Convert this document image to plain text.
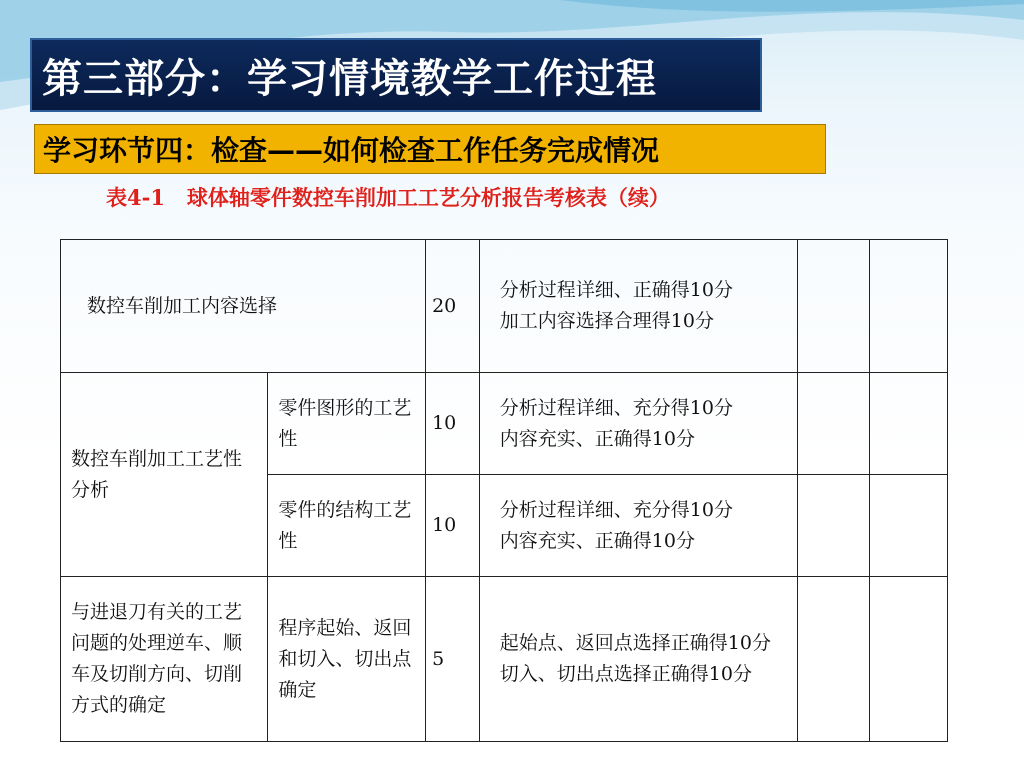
第三部分：学习情境教学工作过程
学习环节四：检查——如何检查工作任务完成情况
表4-1   球体轴零件数控车削加工工艺分析报告考核表（续）
数控车削加工内容选择		20	分析过程详细、正确得10分
加工内容选择合理得10分		

数控车削加工工艺性分析	零件图形的工艺性	10	分析过程详细、充分得10分
内容充实、正确得10分		

	零件的结构工艺性	10	分析过程详细、充分得10分
内容充实、正确得10分		

与进退刀有关的工艺问题的处理逆车、顺车及切削方向、切削方式的确定	程序起始、返回和切入、切出点确定	5	起始点、返回点选择正确得10分
切入、切出点选择正确得10分		
